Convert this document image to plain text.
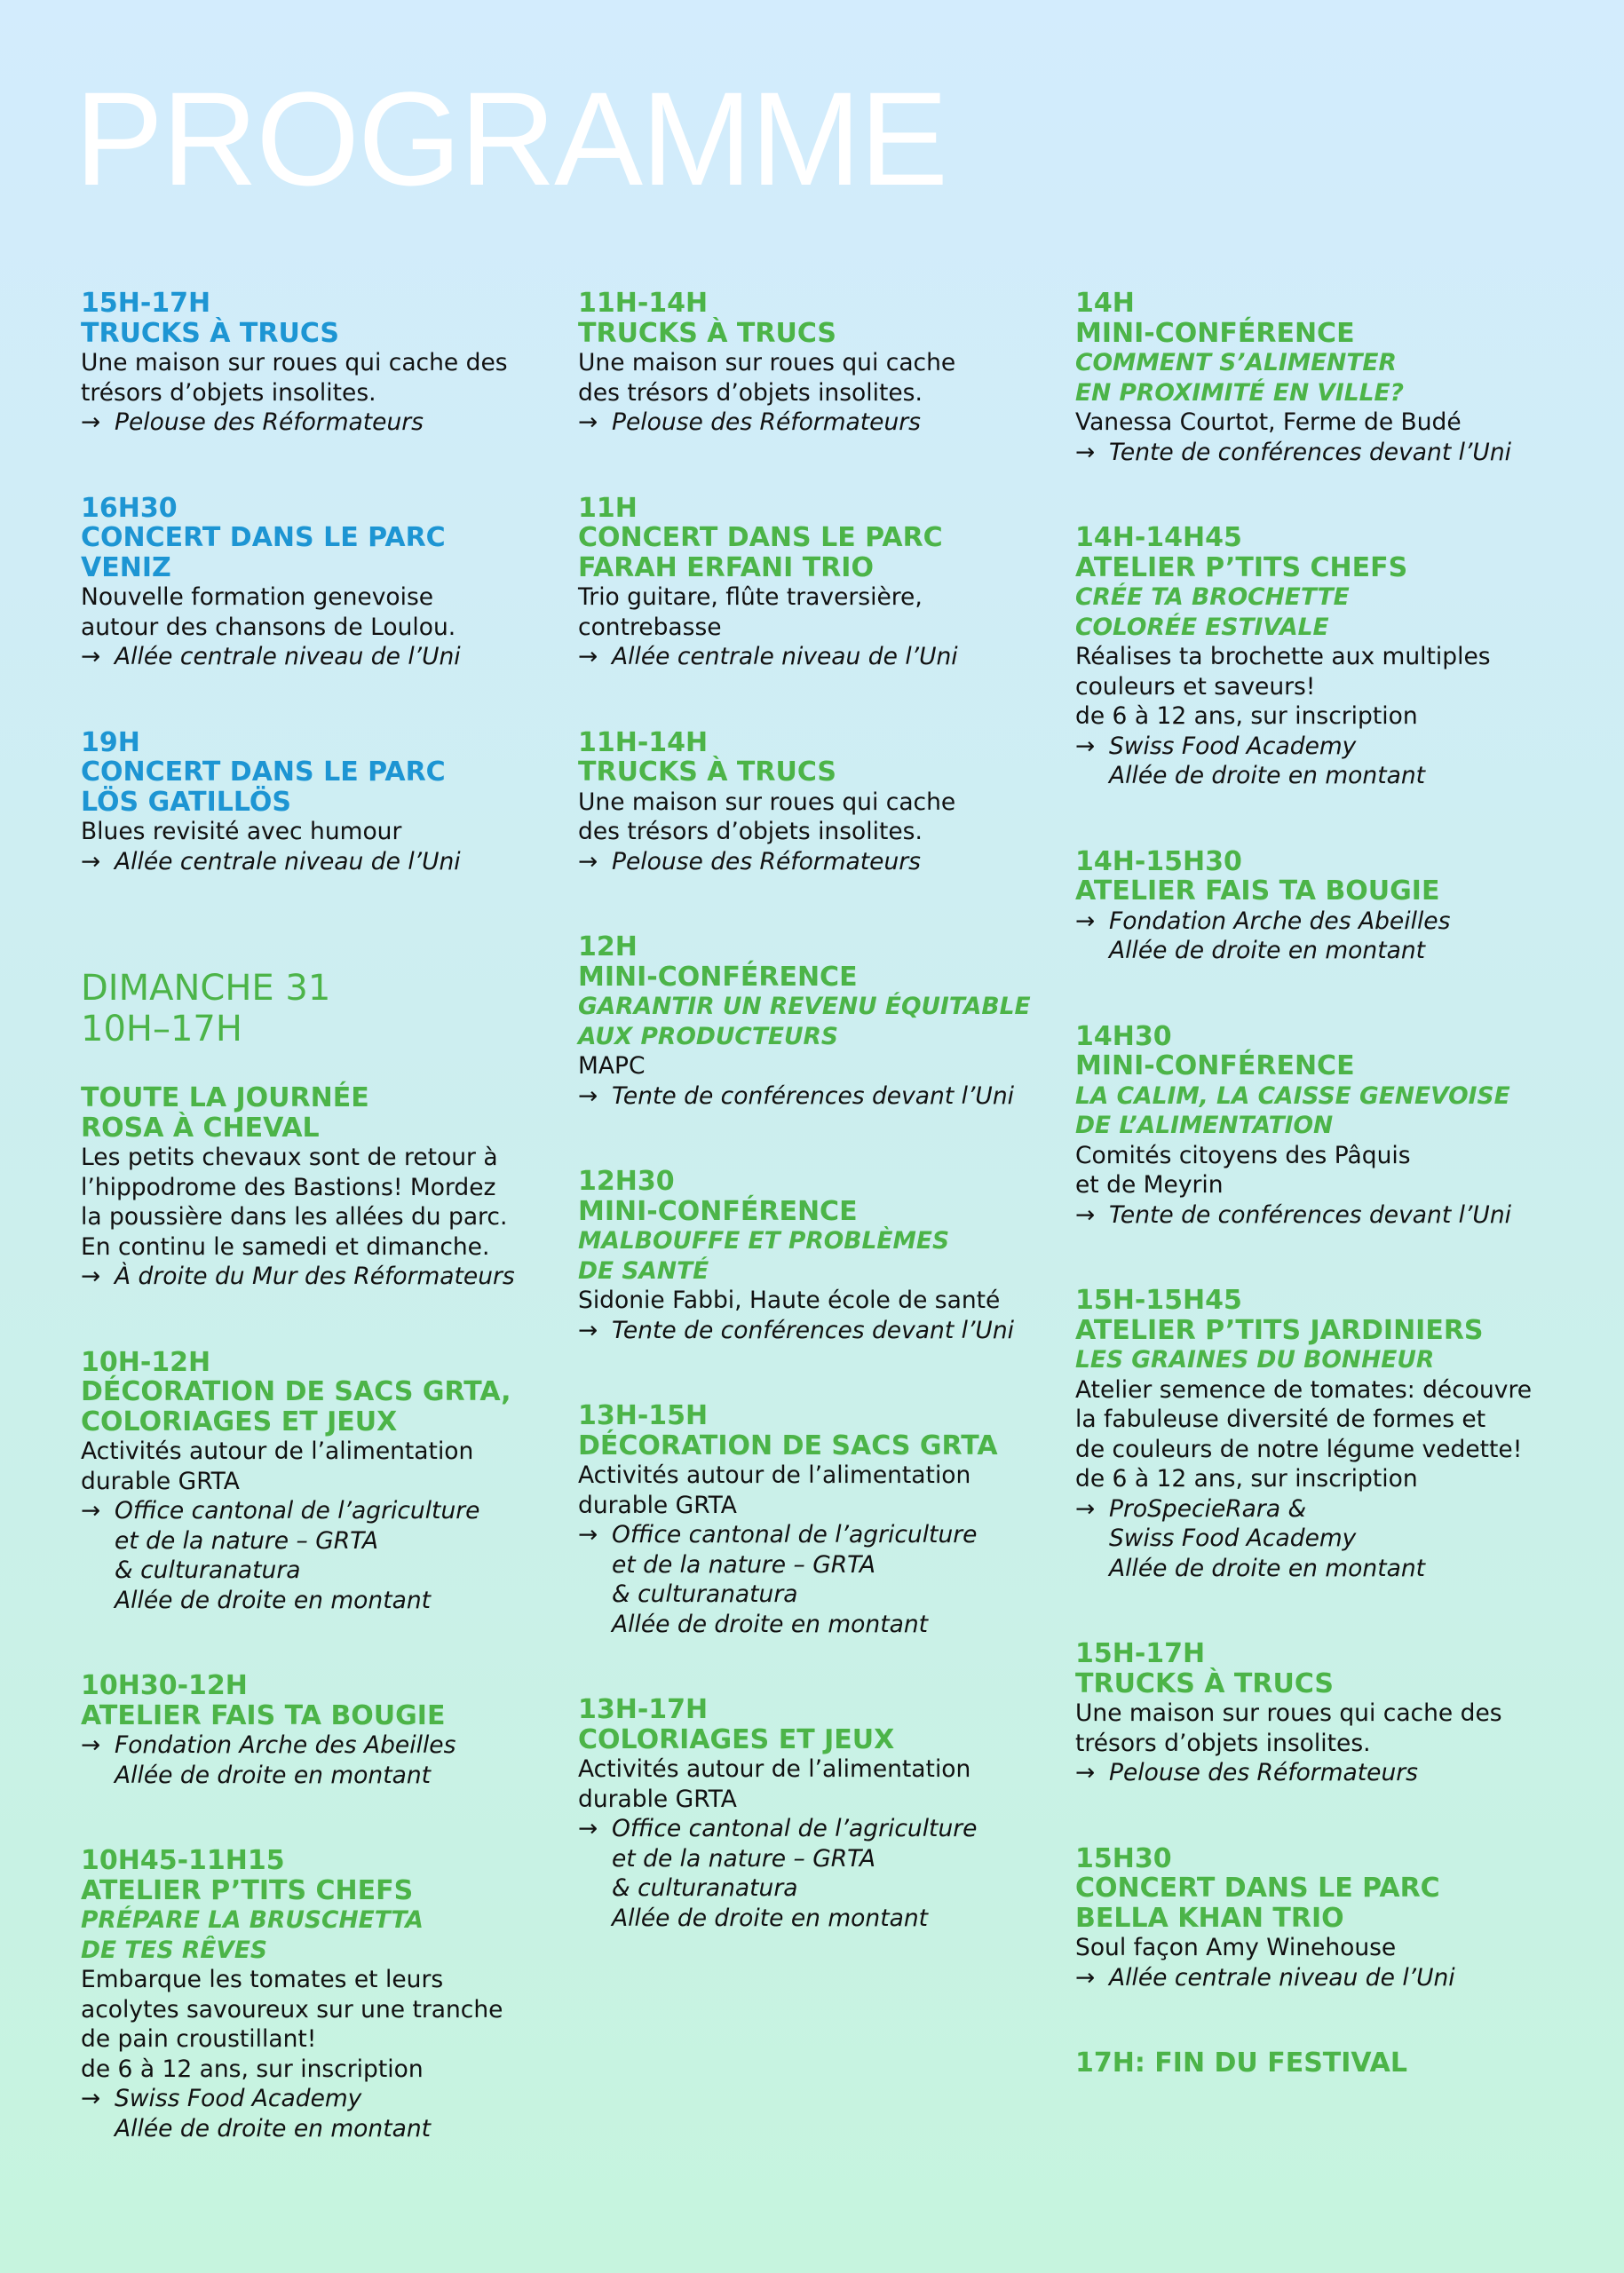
PROGRAMME
15H-17H
TRUCKS À TRUCS
Une maison sur roues qui cache des
trésors d’objets insolites.
→ Pelouse des Réformateurs
16H30
CONCERT DANS LE PARC
VENIZ
Nouvelle formation genevoise
autour des chansons de Loulou.
→ Allée centrale niveau de l’Uni
19H
CONCERT DANS LE PARC
LÖS GATILLÖS
Blues revisité avec humour
→ Allée centrale niveau de l’Uni
DIMANCHE 31
10H–17H
TOUTE LA JOURNÉE
ROSA À CHEVAL
Les petits chevaux sont de retour à
l’hippodrome des Bastions! Mordez
la poussière dans les allées du parc.
En continu le samedi et dimanche.
→ À droite du Mur des Réformateurs
10H-12H
DÉCORATION DE SACS GRTA,
COLORIAGES ET JEUX
Activités autour de l’alimentation
durable GRTA
→ Office cantonal de l’agriculture
et de la nature – GRTA
& culturanatura
Allée de droite en montant
10H30-12H
ATELIER FAIS TA BOUGIE
→ Fondation Arche des Abeilles
Allée de droite en montant
10H45-11H15
ATELIER P’TITS CHEFS
PRÉPARE LA BRUSCHETTA
DE TES RÊVES
Embarque les tomates et leurs
acolytes savoureux sur une tranche
de pain croustillant!
de 6 à 12 ans, sur inscription
→ Swiss Food Academy
Allée de droite en montant
11H-14H
TRUCKS À TRUCS
Une maison sur roues qui cache
des trésors d’objets insolites.
→ Pelouse des Réformateurs
11H
CONCERT DANS LE PARC
FARAH ERFANI TRIO
Trio guitare, flûte traversière,
contrebasse
→ Allée centrale niveau de l’Uni
11H-14H
TRUCKS À TRUCS
Une maison sur roues qui cache
des trésors d’objets insolites.
→ Pelouse des Réformateurs
12H
MINI-CONFÉRENCE
GARANTIR UN REVENU ÉQUITABLE
AUX PRODUCTEURS
MAPC
→ Tente de conférences devant l’Uni
12H30
MINI-CONFÉRENCE
MALBOUFFE ET PROBLÈMES
DE SANTÉ
Sidonie Fabbi, Haute école de santé
→ Tente de conférences devant l’Uni
13H-15H
DÉCORATION DE SACS GRTA
Activités autour de l’alimentation
durable GRTA
→ Office cantonal de l’agriculture
et de la nature – GRTA
& culturanatura
Allée de droite en montant
13H-17H
COLORIAGES ET JEUX
Activités autour de l’alimentation
durable GRTA
→ Office cantonal de l’agriculture
et de la nature – GRTA
& culturanatura
Allée de droite en montant
14H
MINI-CONFÉRENCE
COMMENT S’ALIMENTER
EN PROXIMITÉ EN VILLE?
Vanessa Courtot, Ferme de Budé
→ Tente de conférences devant l’Uni
14H-14H45
ATELIER P’TITS CHEFS
CRÉE TA BROCHETTE
COLORÉE ESTIVALE
Réalises ta brochette aux multiples
couleurs et saveurs!
de 6 à 12 ans, sur inscription
→ Swiss Food Academy
Allée de droite en montant
14H-15H30
ATELIER FAIS TA BOUGIE
→ Fondation Arche des Abeilles
Allée de droite en montant
14H30
MINI-CONFÉRENCE
LA CALIM, LA CAISSE GENEVOISE
DE L’ALIMENTATION
Comités citoyens des Pâquis
et de Meyrin
→ Tente de conférences devant l’Uni
15H-15H45
ATELIER P’TITS JARDINIERS
LES GRAINES DU BONHEUR
Atelier semence de tomates: découvre
la fabuleuse diversité de formes et
de couleurs de notre légume vedette!
de 6 à 12 ans, sur inscription
→ ProSpecieRara &
Swiss Food Academy
Allée de droite en montant
15H-17H
TRUCKS À TRUCS
Une maison sur roues qui cache des
trésors d’objets insolites.
→ Pelouse des Réformateurs
15H30
CONCERT DANS LE PARC
BELLA KHAN TRIO
Soul façon Amy Winehouse
→ Allée centrale niveau de l’Uni
17H: FIN DU FESTIVAL
